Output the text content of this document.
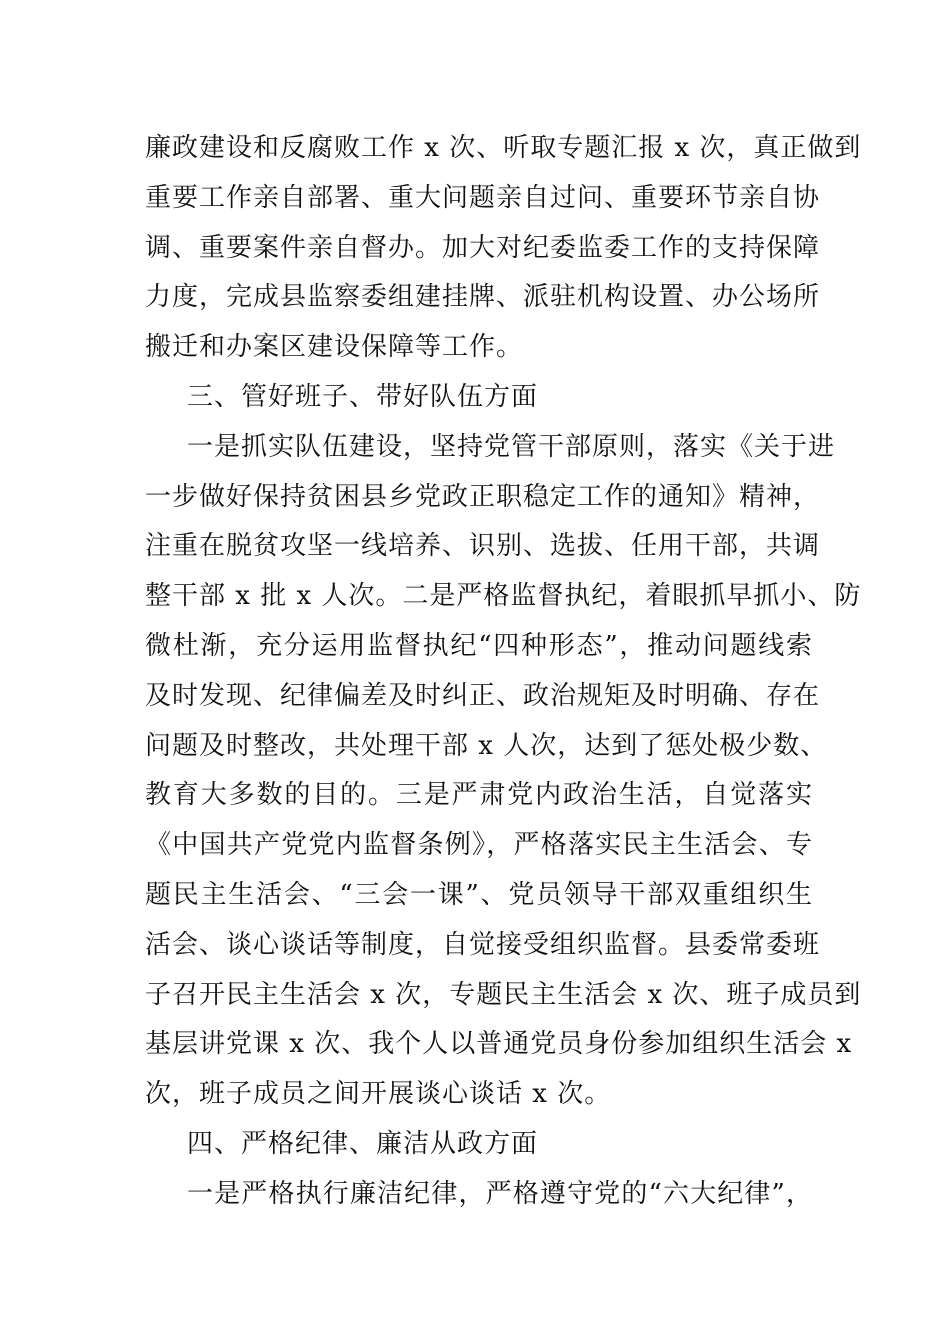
廉政建设和反腐败工作 x 次、听取专题汇报 x 次，真正做到
重要工作亲自部署、重大问题亲自过问、重要环节亲自协
调、重要案件亲自督办。加大对纪委监委工作的支持保障
力度，完成县监察委组建挂牌、派驻机构设置、办公场所
搬迁和办案区建设保障等工作。
三、管好班子、带好队伍方面
一是抓实队伍建设，坚持党管干部原则，落实《关于进
一步做好保持贫困县乡党政正职稳定工作的通知》精神，
注重在脱贫攻坚一线培养、识别、选拔、任用干部，共调
整干部 x 批 x 人次。二是严格监督执纪，着眼抓早抓小、防
微杜渐，充分运用监督执纪“四种形态”，推动问题线索
及时发现、纪律偏差及时纠正、政治规矩及时明确、存在
问题及时整改，共处理干部 x 人次，达到了惩处极少数、
教育大多数的目的。三是严肃党内政治生活，自觉落实
《中国共产党党内监督条例》，严格落实民主生活会、专
题民主生活会、“三会一课”、党员领导干部双重组织生
活会、谈心谈话等制度，自觉接受组织监督。县委常委班
子召开民主生活会 x 次，专题民主生活会 x 次、班子成员到
基层讲党课 x 次、我个人以普通党员身份参加组织生活会 x
次，班子成员之间开展谈心谈话 x 次。
四、严格纪律、廉洁从政方面
一是严格执行廉洁纪律，严格遵守党的“六大纪律”，
